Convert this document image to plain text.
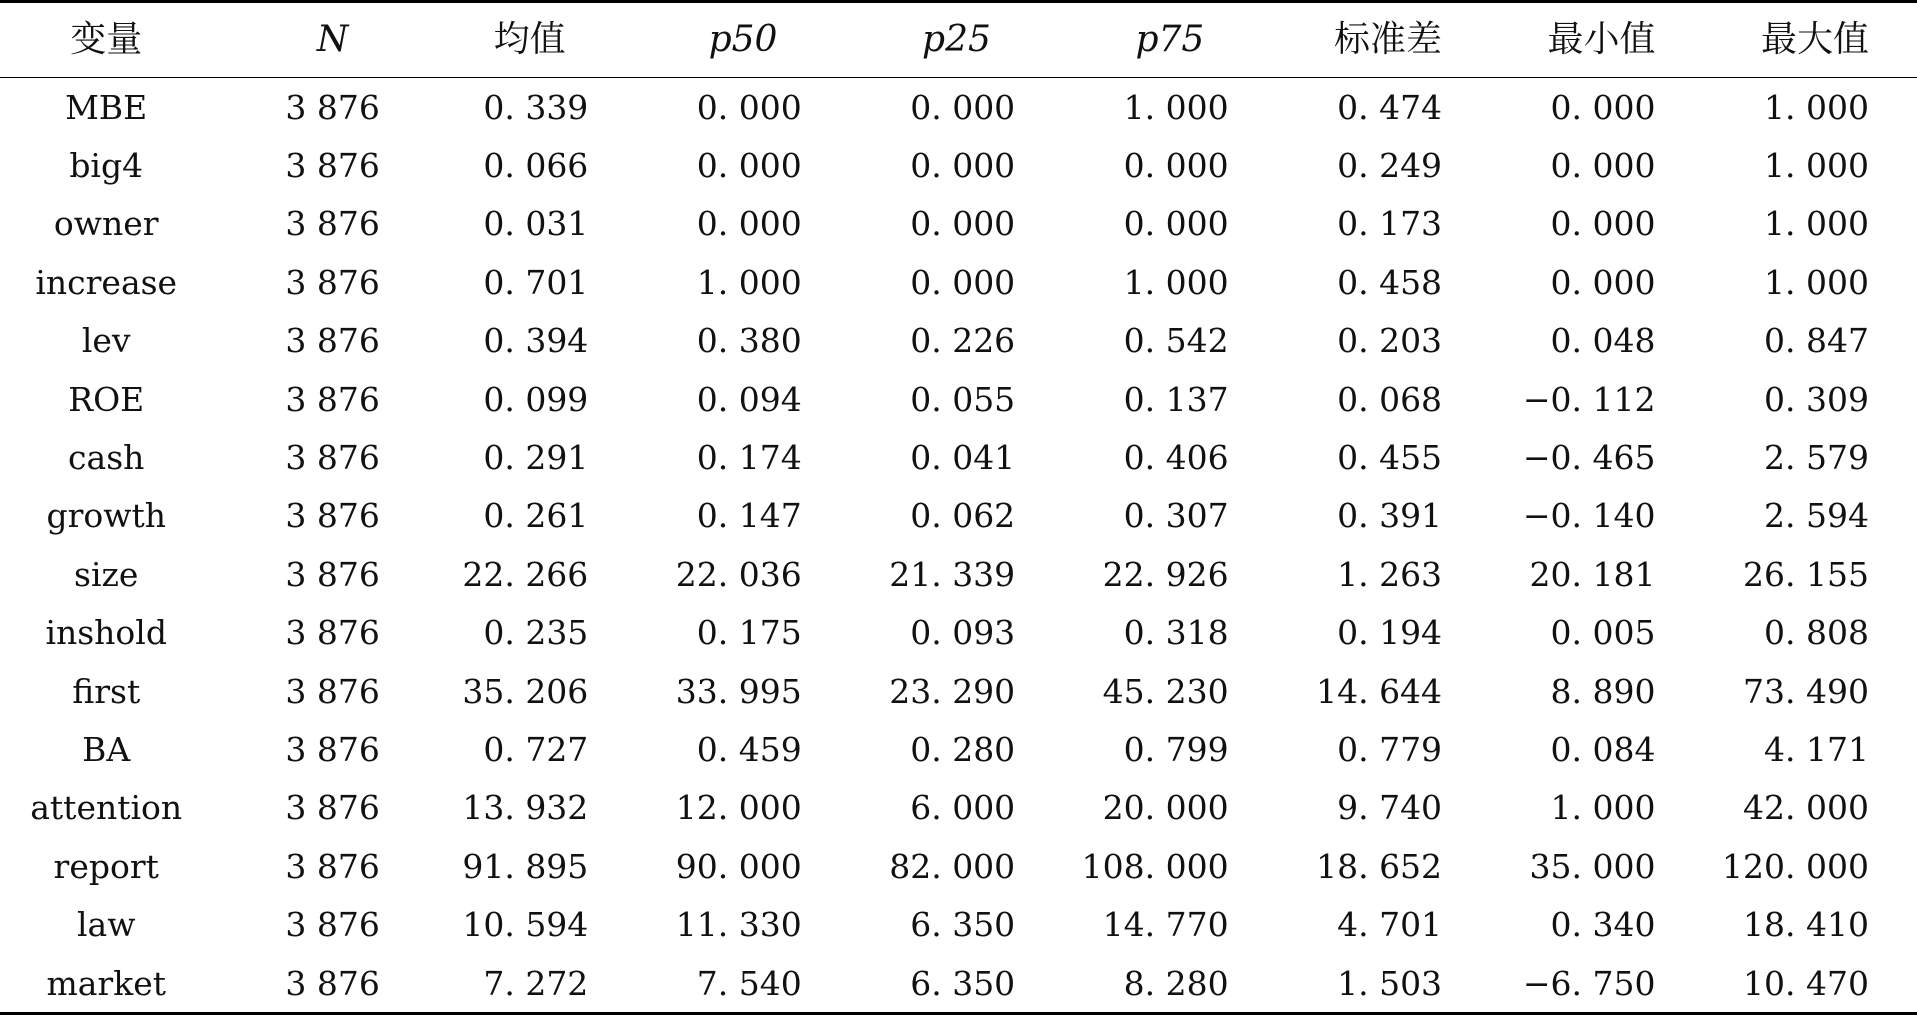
变量	N	均值	p50	p25	p75	标准差	最小值	最大值
MBE	3 876	0. 339	0. 000	0. 000	1. 000	0. 474	0. 000	1. 000
big4	3 876	0. 066	0. 000	0. 000	0. 000	0. 249	0. 000	1. 000
owner	3 876	0. 031	0. 000	0. 000	0. 000	0. 173	0. 000	1. 000
increase	3 876	0. 701	1. 000	0. 000	1. 000	0. 458	0. 000	1. 000
lev	3 876	0. 394	0. 380	0. 226	0. 542	0. 203	0. 048	0. 847
ROE	3 876	0. 099	0. 094	0. 055	0. 137	0. 068	−0. 112	0. 309
cash	3 876	0. 291	0. 174	0. 041	0. 406	0. 455	−0. 465	2. 579
growth	3 876	0. 261	0. 147	0. 062	0. 307	0. 391	−0. 140	2. 594
size	3 876	22. 266	22. 036	21. 339	22. 926	1. 263	20. 181	26. 155
inshold	3 876	0. 235	0. 175	0. 093	0. 318	0. 194	0. 005	0. 808
first	3 876	35. 206	33. 995	23. 290	45. 230	14. 644	8. 890	73. 490
BA	3 876	0. 727	0. 459	0. 280	0. 799	0. 779	0. 084	4. 171
attention	3 876	13. 932	12. 000	6. 000	20. 000	9. 740	1. 000	42. 000
report	3 876	91. 895	90. 000	82. 000	108. 000	18. 652	35. 000	120. 000
law	3 876	10. 594	11. 330	6. 350	14. 770	4. 701	0. 340	18. 410
market	3 876	7. 272	7. 540	6. 350	8. 280	1. 503	−6. 750	10. 470
